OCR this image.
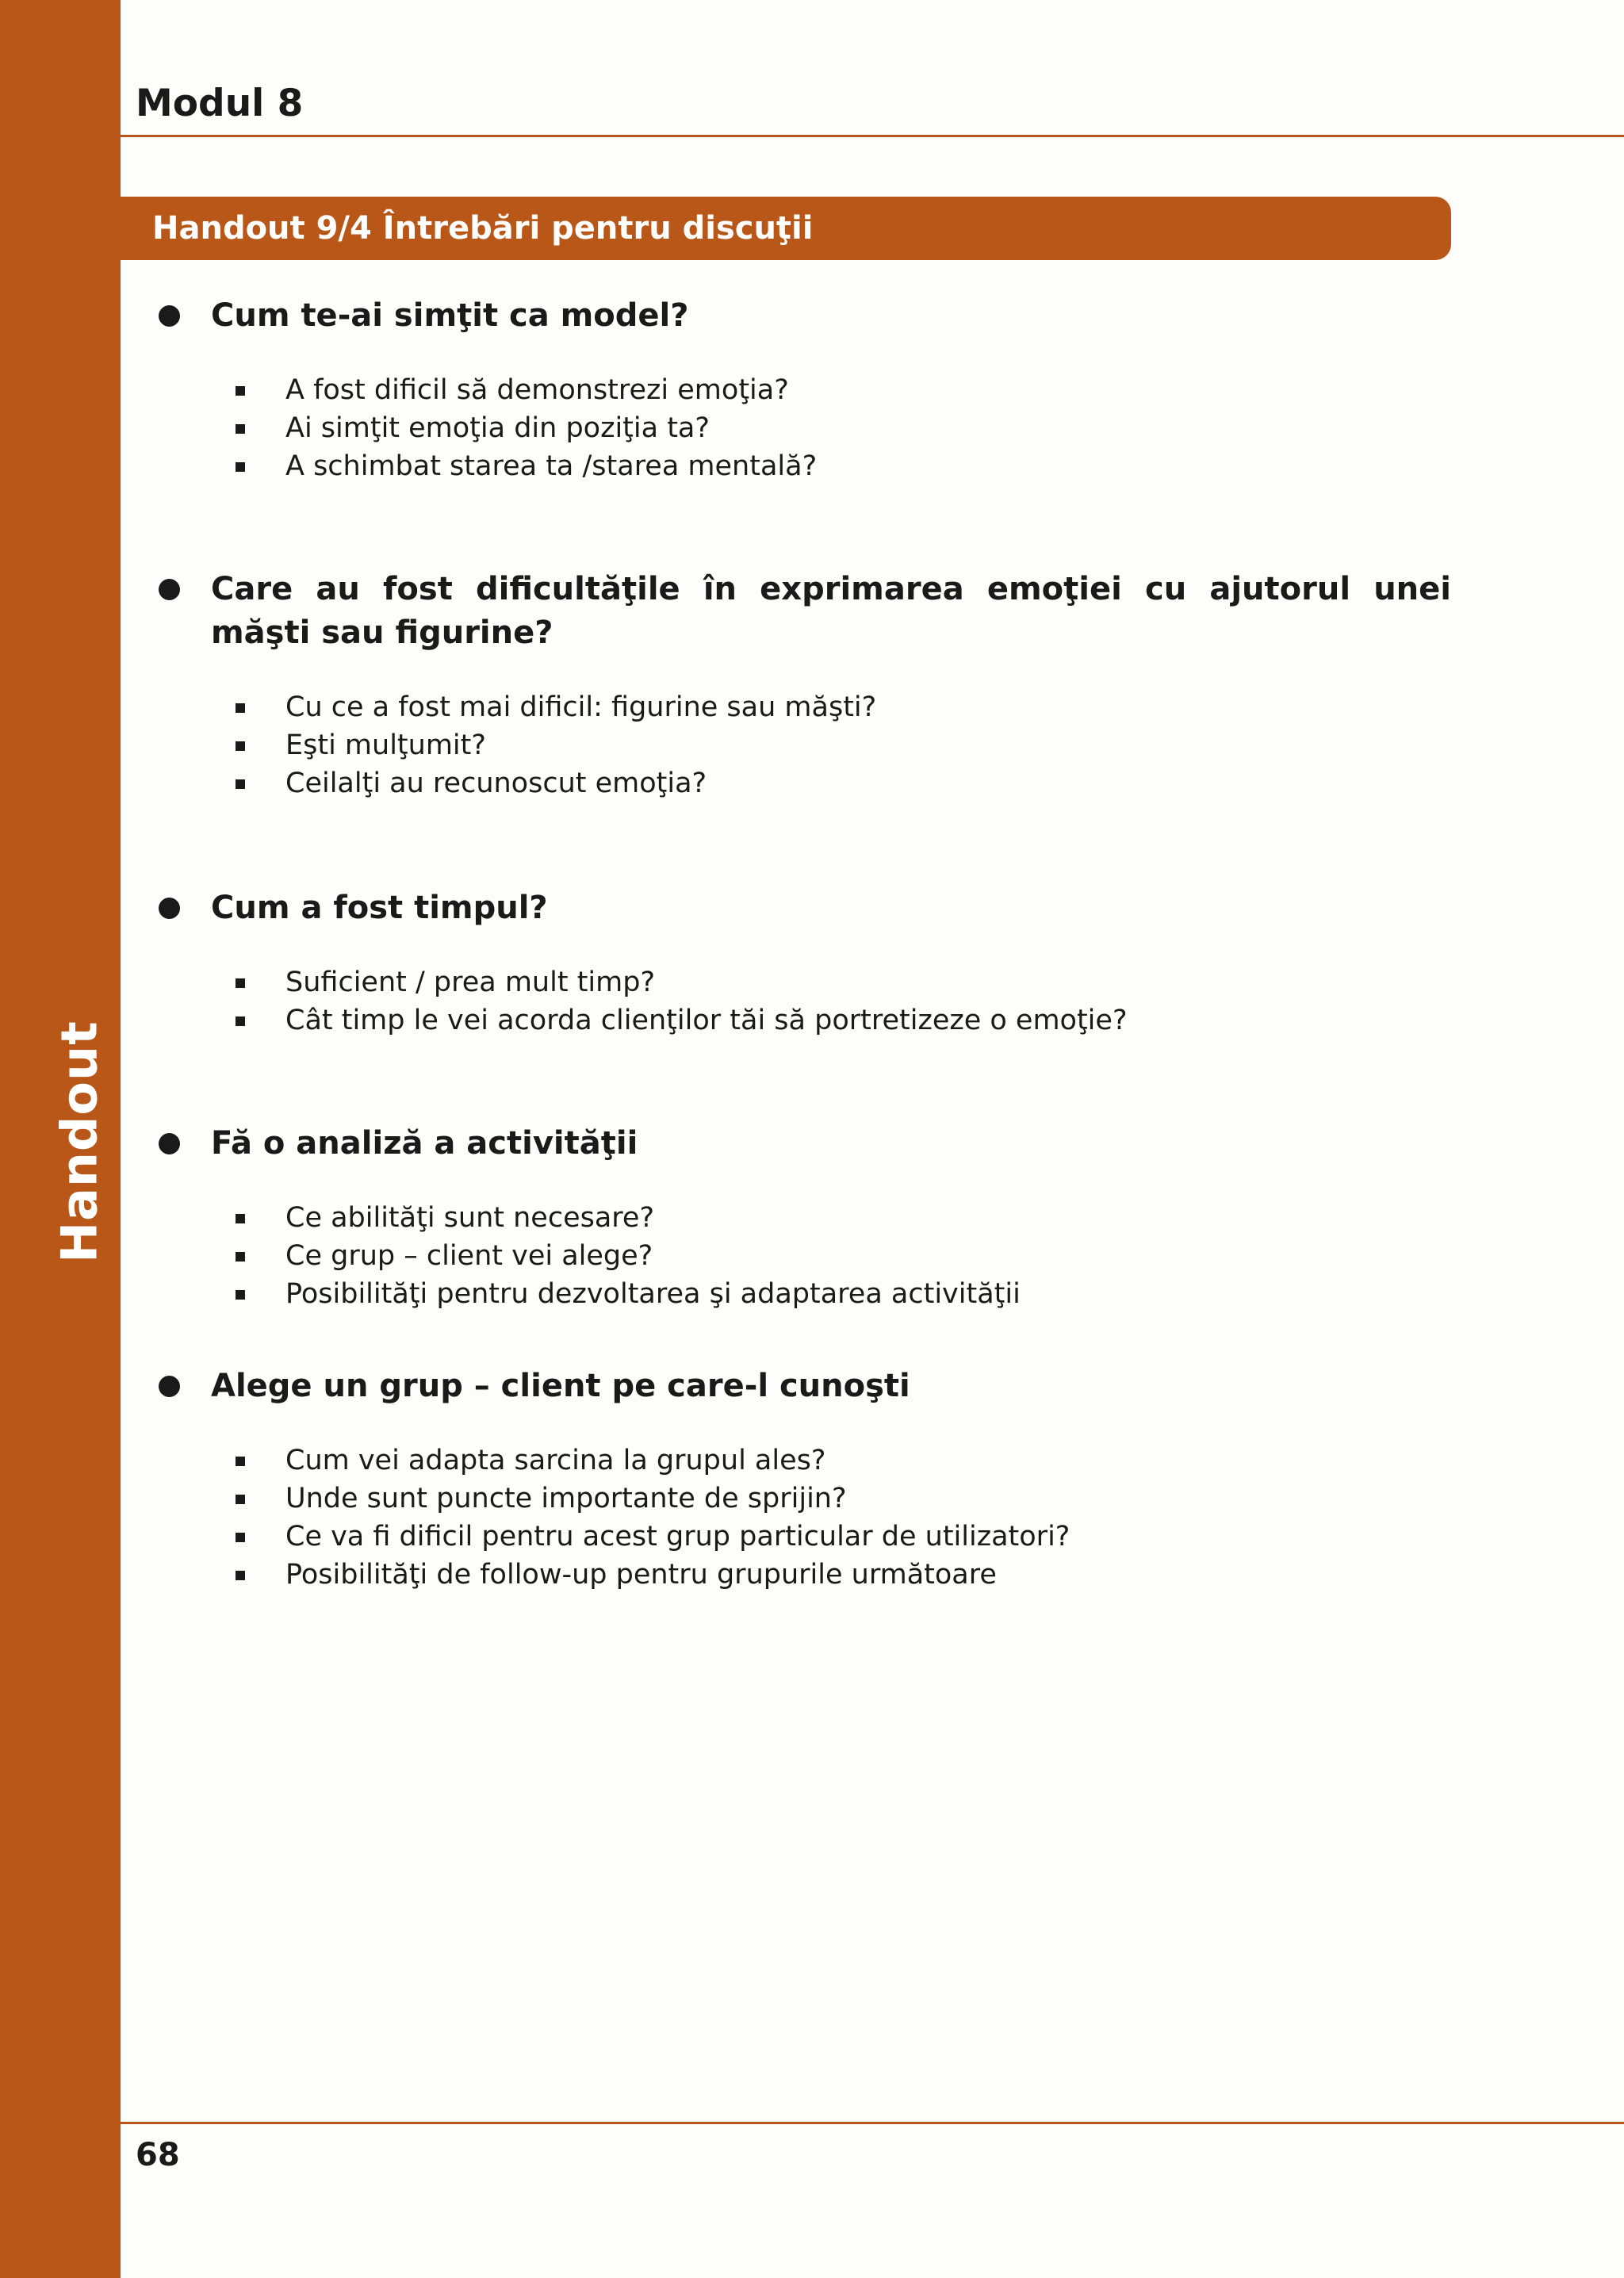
Handout
Modul 8
Handout 9/4 Întrebări pentru discuţii
Cum te-ai simţit ca model?
A fost dificil să demonstrezi emoţia?
Ai simţit emoţia din poziţia ta?
A schimbat starea ta /starea mentală?
Care au fost dificultăţile în exprimarea emoţiei cu ajutorul unei măşti sau figurine?
Cu ce a fost mai dificil: figurine sau măşti?
Eşti mulţumit?
Ceilalţi au recunoscut emoţia?
Cum a fost timpul?
Suficient / prea mult timp?
Cât timp le vei acorda clienţilor tăi să portretizeze o emoţie?
Fă o analiză a activităţii
Ce abilităţi sunt necesare?
Ce grup – client vei alege?
Posibilităţi pentru dezvoltarea şi adaptarea activităţii
Alege un grup – client pe care-l cunoşti
Cum vei adapta sarcina la grupul ales?
Unde sunt puncte importante de sprijin?
Ce va fi dificil pentru acest grup particular de utilizatori?
Posibilităţi de follow-up pentru grupurile următoare
68
